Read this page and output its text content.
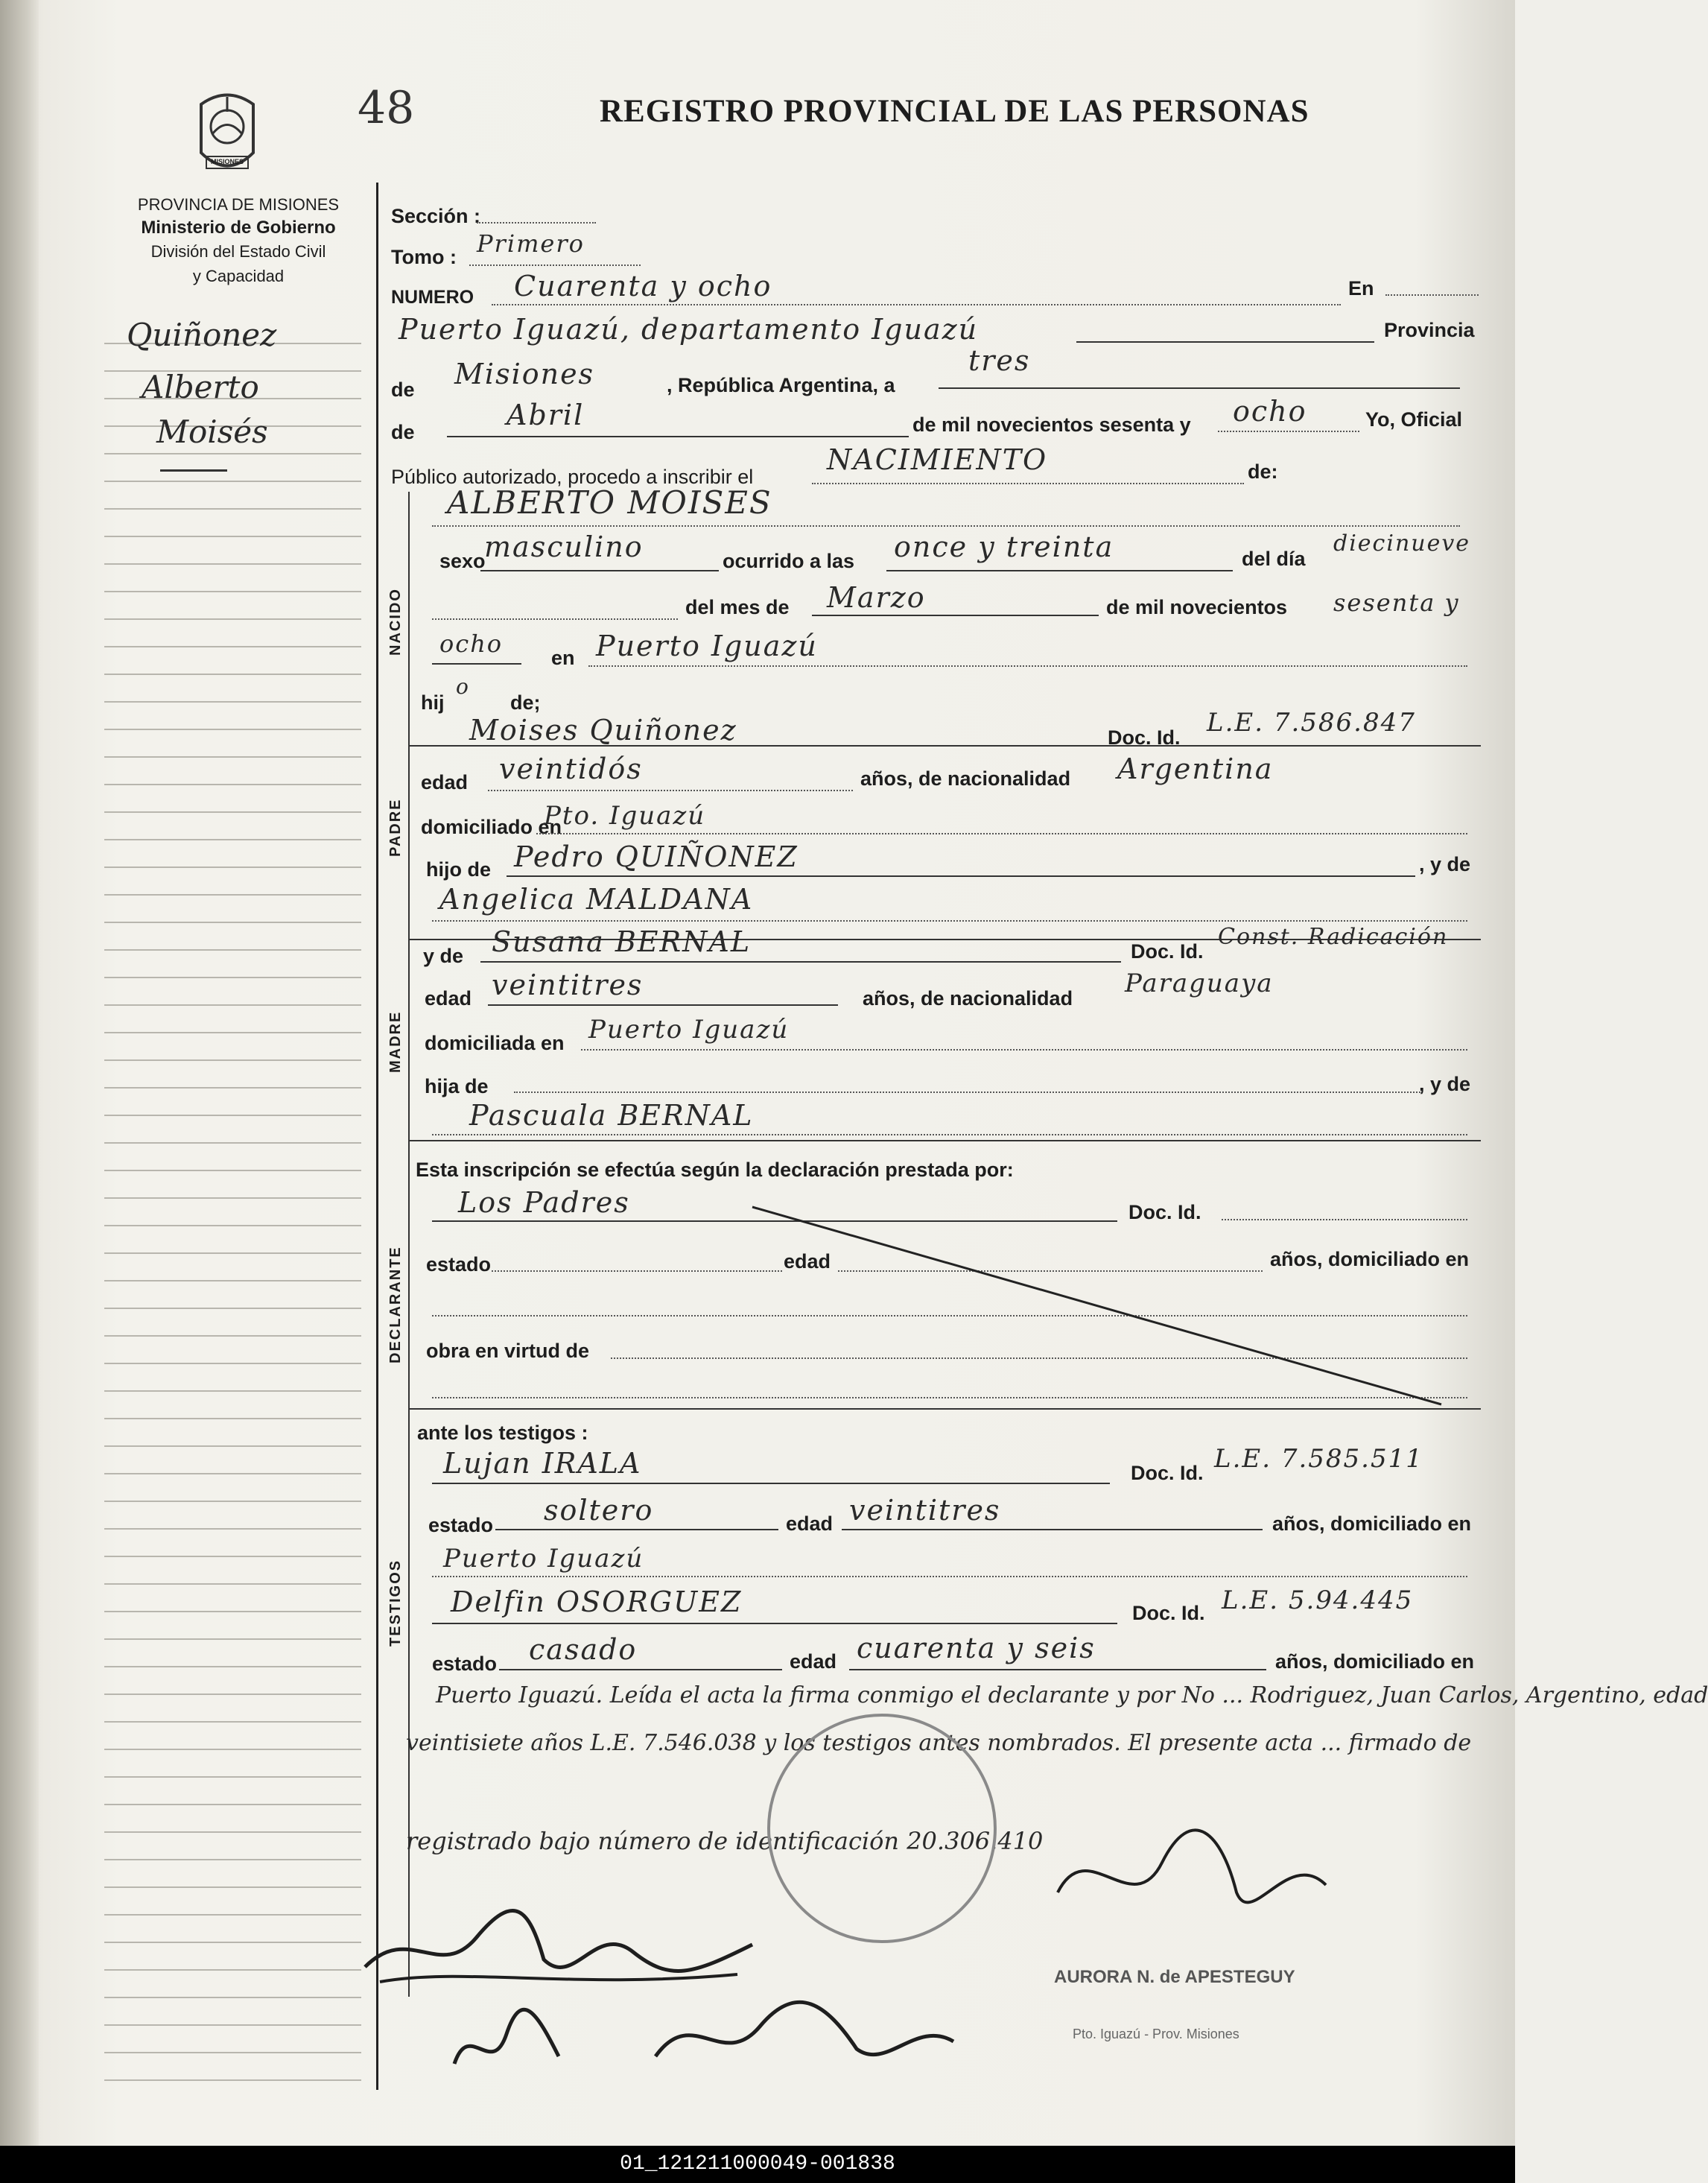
MISIONES
PROVINCIA DE MISIONES
Ministerio de Gobierno
División del Estado Civil
y Capacidad
Quiñonez
Alberto
Moisés
48	REGISTRO PROVINCIAL DE LAS PERSONAS
NACIDO
PADRE
MADRE
DECLARANTE
TESTIGOS
Sección :
Tomo : Primero
NUMERO Cuarenta y ocho	En
Puerto Iguazú, departamento Iguazú	Provincia
de Misiones	, República Argentina, a
tres
de
Abril	de mil novecientos sesenta y ocho	Yo, Oficial
Público autorizado, procedo a inscribir el
NACIMIENTO	de:
ALBERTO MOISES
sexo
masculino	ocurrido a las once y treinta	del día
diecinueve
del mes de Marzo	de mil novecientos sesenta y
ocho en Puerto Iguazú
hij
o
de;
Moises Quiñonez	Doc. Id. L.E. 7.586.847
edad veintidós	años, de nacionalidad Argentina
domiciliado en
Pto. Iguazú
hijo de Pedro QUIÑONEZ	, y de
Angelica MALDANA
y de Susana BERNAL	Doc. Id.
Const. Radicación
edad veintitres	años, de nacionalidad Paraguaya
domiciliada en Puerto Iguazú
hija de	, y de
Pascuala BERNAL
Esta inscripción se efectúa según la declaración prestada por:
Los Padres	Doc. Id.
estado	edad	años, domiciliado en
obra en virtud de
ante los testigos :
Lujan IRALA	Doc. Id. L.E. 7.585.511
estado soltero	edad veintitres	años, domiciliado en
Puerto Iguazú
Delfin OSORGUEZ	Doc. Id. L.E. 5.94.445
estado casado	edad cuarenta y seis	años, domiciliado en
Puerto Iguazú. Leída el acta la firma conmigo el declarante y por No ... Rodriguez, Juan Carlos, Argentino, edad
veintisiete años L.E. 7.546.038 y los testigos antes nombrados. El presente acta ... firmado de
registrado bajo número de identificación 20.306.410
AURORA N. de APESTEGUY
Pto. Iguazú - Prov. Misiones
01_121211000049-001838
